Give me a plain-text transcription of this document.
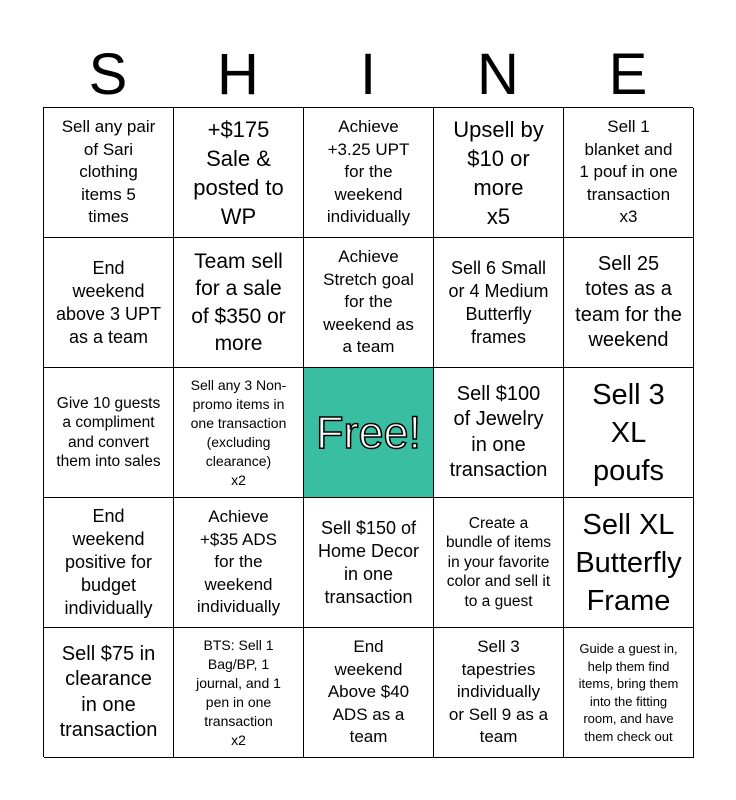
S	H	I	N	E
Sell any pair
of Sari
clothing
items 5
times
+$175
Sale &
posted to
WP
Achieve
+3.25 UPT
for the
weekend
individually
Upsell by
$10 or
more
x5
Sell 1
blanket and
1 pouf in one
transaction
x3
End
weekend
above 3 UPT
as a team
Team sell
for a sale
of $350 or
more
Achieve
Stretch goal
for the
weekend as
a team
Sell 6 Small
or 4 Medium
Butterfly
frames
Sell 25
totes as a
team for the
weekend
Give 10 guests
a compliment
and convert
them into sales
Sell any 3 Non-
promo items in
one transaction
(excluding
clearance)
x2
Free!
Sell $100
of Jewelry
in one
transaction
Sell 3
XL
poufs
End
weekend
positive for
budget
individually
Achieve
+$35 ADS
for the
weekend
individually
Sell $150 of
Home Decor
in one
transaction
Create a
bundle of items
in your favorite
color and sell it
to a guest
Sell XL
Butterfly
Frame
Sell $75 in
clearance
in one
transaction
BTS: Sell 1
Bag/BP, 1
journal, and 1
pen in one
transaction
x2
End
weekend
Above $40
ADS as a
team
Sell 3
tapestries
individually
or Sell 9 as a
team
Guide a guest in,
help them find
items, bring them
into the fitting
room, and have
them check out
